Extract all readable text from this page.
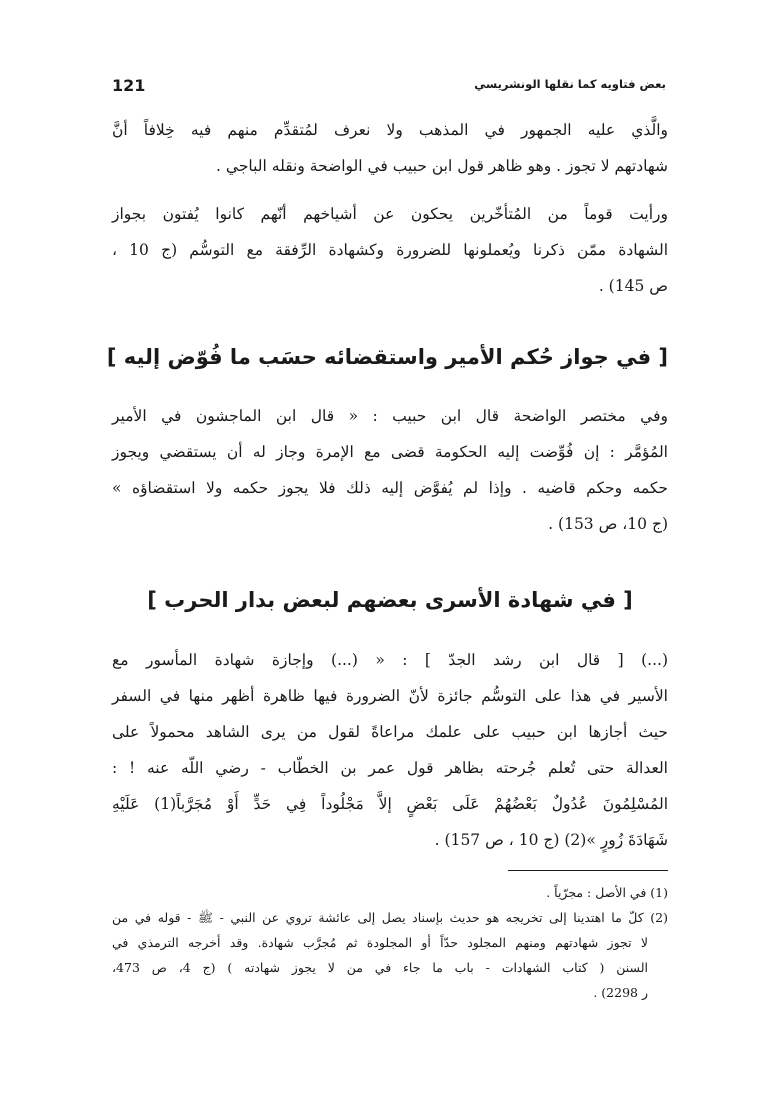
121	بعض فتاويه كما نقلها الونشريسي
والَّذي عليه الجمهور في المذهب ولا نعرف لمُتقدِّم منهم فيه خِلافاً أنَّ
شهادتهم لا تجوز . وهو ظاهر قول ابن حبيب في الواضحة ونقله الباجي .
ورأيت قوماً من المُتأخّرين يحكون عن أشياخهم أنّهم كانوا يُفتون بجواز
الشهادة ممّن ذكرنا ويُعملونها للضرورة وكشهادة الرِّفقة مع التوسُّم (ج 10 ،
ص 145) .
[ في جواز حُكم الأمير واستقضائه حسَب ما فُوّض إليه ]
وفي مختصر الواضحة قال ابن حبيب : « قال ابن الماجشون في الأمير
المُؤمَّر : إن فُوِّضت إليه الحكومة قضى مع الإمرة وجاز له أن يستقضي ويجوز
حكمه وحكم قاضيه . وإذا لم يُفوَّض إليه ذلك فلا يجوز حكمه ولا استقضاؤه »
(ج 10، ص 153) .
[ في شهادة الأسرى بعضهم لبعض بدار الحرب ]
(...) [ قال ابن رشد الجدّ ] : « (...) وإجازة شهادة المأسور مع
الأسير في هذا على التوسُّم جائزة لأنّ الضرورة فيها ظاهرة أظهر منها في السفر
حيث أجازها ابن حبيب على علمك مراعاةً لقول من يرى الشاهد محمولاً على
العدالة حتى تُعلم جُرحته بظاهر قول عمر بن الخطّاب - رضي اللّه عنه ! :
المُسْلِمُونَ عُدُولٌ بَعْضُهُمْ عَلَى بَعْضٍ إلاَّ مَجْلُوداً فِي حَدٍّ أَوْ مُجَرَّباً(1) عَلَيْهِ
شَهَادَةَ زُورٍ »(2) (ج 10 ، ص 157) .
(1) في الأصل : مجرّياً .
(2) كلّ ما اهتدينا إلى تخريجه هو حديث بإسناد يصل إلى عائشة تروي عن النبي - ﷺ - قوله في من
لا تجوز شهادتهم ومنهم المجلود حدّاً أو المجلودة ثم مُجرَّب شهادة. وقد أخرجه الترمذي في
السنن ( كتاب الشهادات - باب ما جاء في من لا يجوز شهادته ) (ج 4، ص 473،
ر 2298) .
